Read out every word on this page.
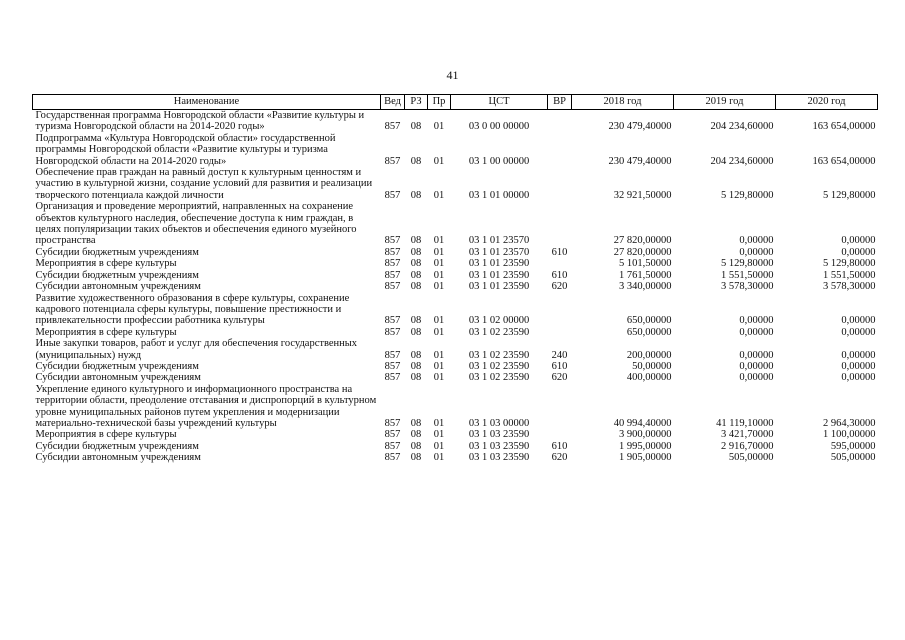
41
Наименование	Вед	РЗ	Пр	ЦСТ	ВР	2018 год	2019 год	2020 год
Государственная программа Новгородской области «Развитие культуры и туризма Новгородской области на 2014-2020 годы»	857	08	01	03 0 00 00000		230 479,40000	204 234,60000	163 654,00000
Подпрограмма «Культура Новгородской области» государственной программы Новгородской области «Развитие культуры и туризма Новгородской области на 2014-2020 годы»	857	08	01	03 1 00 00000		230 479,40000	204 234,60000	163 654,00000
Обеспечение прав граждан на равный доступ к культурным ценностям и участию в культурной жизни, создание условий для развития и реализации творческого потенциала каждой личности	857	08	01	03 1 01 00000		32 921,50000	5 129,80000	5 129,80000
Организация и проведение мероприятий, направленных на сохранение объектов культурного наследия, обеспечение доступа к ним граждан, в целях популяризации таких объектов и обеспечения единого музейного пространства	857	08	01	03 1 01 23570		27 820,00000	0,00000	0,00000
Субсидии бюджетным учреждениям	857	08	01	03 1 01 23570	610	27 820,00000	0,00000	0,00000
Мероприятия в сфере культуры	857	08	01	03 1 01 23590		5 101,50000	5 129,80000	5 129,80000
Субсидии бюджетным учреждениям	857	08	01	03 1 01 23590	610	1 761,50000	1 551,50000	1 551,50000
Субсидии автономным учреждениям	857	08	01	03 1 01 23590	620	3 340,00000	3 578,30000	3 578,30000
Развитие художественного образования в сфере культуры, сохранение кадрового потенциала сферы культуры, повышение престижности и привлекательности профессии работника культуры	857	08	01	03 1 02 00000		650,00000	0,00000	0,00000
Мероприятия в сфере культуры	857	08	01	03 1 02 23590		650,00000	0,00000	0,00000
Иные закупки товаров, работ и услуг для обеспечения государственных (муниципальных) нужд	857	08	01	03 1 02 23590	240	200,00000	0,00000	0,00000
Субсидии бюджетным учреждениям	857	08	01	03 1 02 23590	610	50,00000	0,00000	0,00000
Субсидии автономным учреждениям	857	08	01	03 1 02 23590	620	400,00000	0,00000	0,00000
Укрепление единого культурного и информационного пространства на территории области, преодоление отставания и диспропорций в культурном уровне муниципальных районов путем укрепления и модернизации материально-технической базы учреждений культуры	857	08	01	03 1 03 00000		40 994,40000	41 119,10000	2 964,30000
Мероприятия в сфере культуры	857	08	01	03 1 03 23590		3 900,00000	3 421,70000	1 100,00000
Субсидии бюджетным учреждениям	857	08	01	03 1 03 23590	610	1 995,00000	2 916,70000	595,00000
Субсидии автономным учреждениям	857	08	01	03 1 03 23590	620	1 905,00000	505,00000	505,00000
